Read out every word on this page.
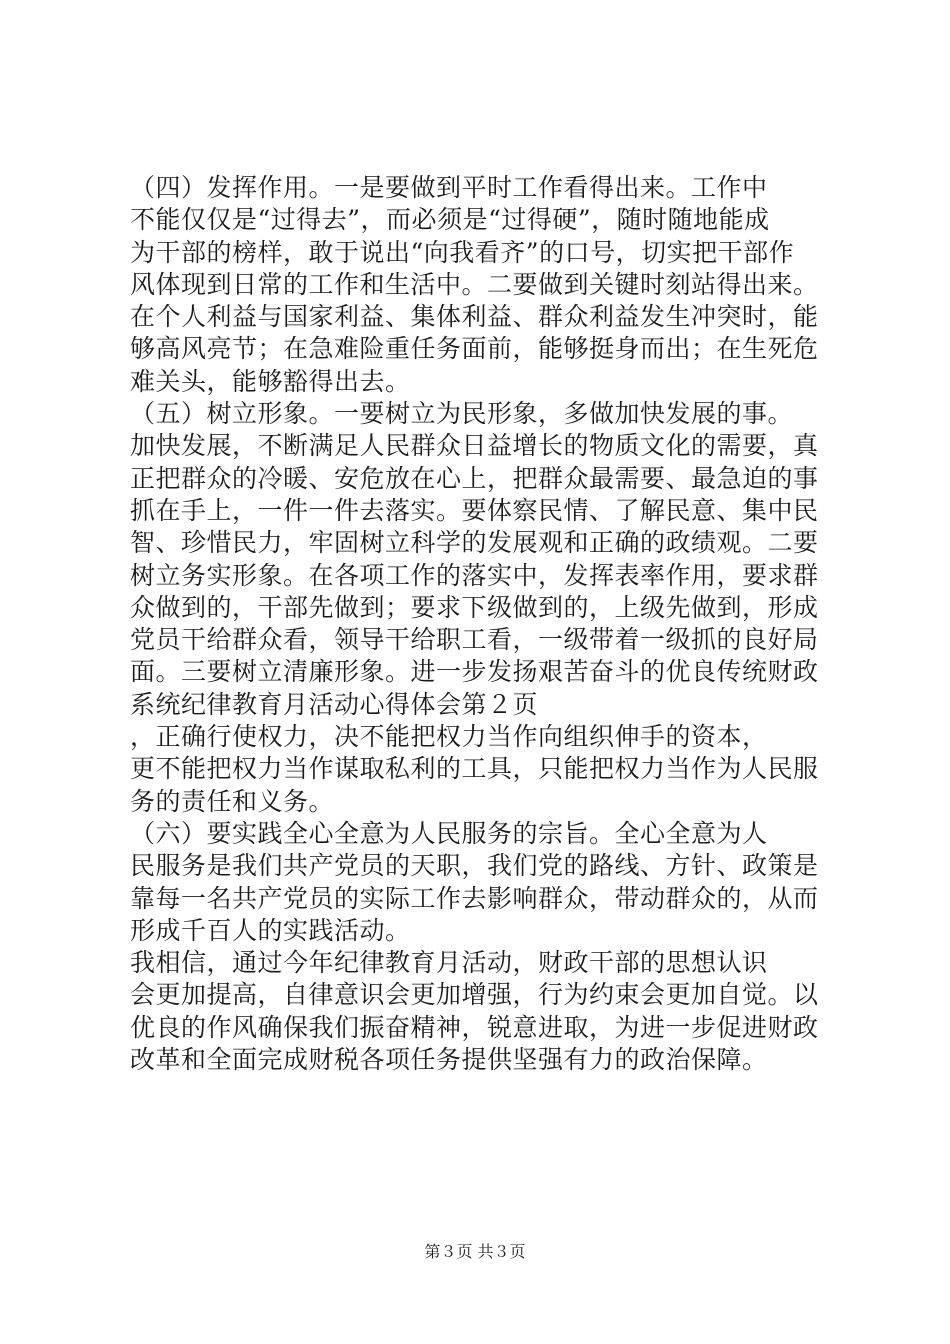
（四）发挥作用。一是要做到平时工作看得出来。工作中
不能仅仅是“过得去”，而必须是“过得硬”，随时随地能成
为干部的榜样，敢于说出“向我看齐”的口号，切实把干部作
风体现到日常的工作和生活中。二要做到关键时刻站得出来。
在个人利益与国家利益、集体利益、群众利益发生冲突时，能
够高风亮节；在急难险重任务面前，能够挺身而出；在生死危
难关头，能够豁得出去。
（五）树立形象。一要树立为民形象，多做加快发展的事。
加快发展，不断满足人民群众日益增长的物质文化的需要，真
正把群众的冷暖、安危放在心上，把群众最需要、最急迫的事
抓在手上，一件一件去落实。要体察民情、了解民意、集中民
智、珍惜民力，牢固树立科学的发展观和正确的政绩观。二要
树立务实形象。在各项工作的落实中，发挥表率作用，要求群
众做到的，干部先做到；要求下级做到的，上级先做到，形成
党员干给群众看，领导干给职工看，一级带着一级抓的良好局
面。三要树立清廉形象。进一步发扬艰苦奋斗的优良传统财政
系统纪律教育月活动心得体会第２页
，正确行使权力，决不能把权力当作向组织伸手的资本，
更不能把权力当作谋取私利的工具，只能把权力当作为人民服
务的责任和义务。
（六）要实践全心全意为人民服务的宗旨。全心全意为人
民服务是我们共产党员的天职，我们党的路线、方针、政策是
靠每一名共产党员的实际工作去影响群众，带动群众的，从而
形成千百人的实践活动。
我相信，通过今年纪律教育月活动，财政干部的思想认识
会更加提高，自律意识会更加增强，行为约束会更加自觉。以
优良的作风确保我们振奋精神，锐意进取，为进一步促进财政
改革和全面完成财税各项任务提供坚强有力的政治保障。
第３页 共３页
